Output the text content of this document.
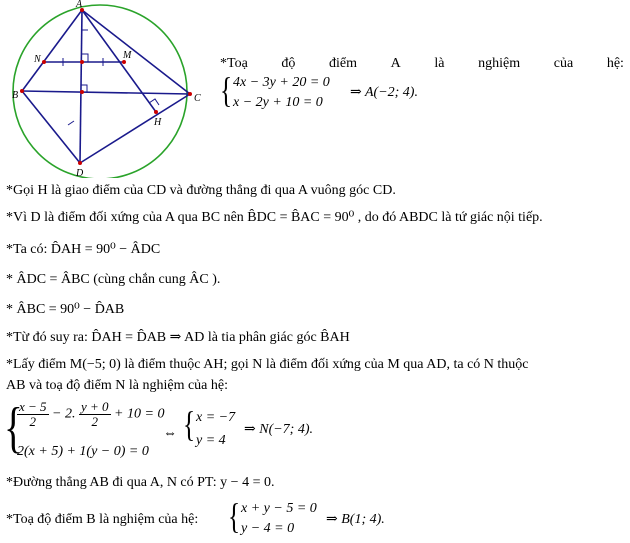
A
B	C
D
H
M
N	*Toạ độ điểm A là nghiệm của hệ:
{ 4x − 3y + 20 = 0
x − 2y + 10 = 0
⇒ A(−2; 4).
*Gọi H là giao điểm của CD và đường thẳng đi qua A vuông góc CD.
*Vì D là điểm đối xứng của A qua BC nên B̂DC = B̂AC = 90⁰ , do đó ABDC là tứ giác nội tiếp.
*Ta có: D̂AH = 90⁰ − ÂDC
* ÂDC = ÂBC (cùng chắn cung ÂC ).
* ÂBC = 90⁰ − D̂AB
*Từ đó suy ra: D̂AH = D̂AB ⇒ AD là tia phân giác góc B̂AH
*Lấy điểm M(−5; 0) là điểm thuộc AH; gọi N là điểm đối xứng của M qua AD, ta có N thuộc
AB và toạ độ điểm N là nghiệm của hệ:
{
$\frac{x - 5}{2} - 2$. $\frac{y + 0}{2} + 10 = 0$
2(x + 5) + 1(y − 0) = 0
⇔ { x = −7
y = 4
⇒ N(−7; 4).
*Đường thẳng AB đi qua A, N có PT: y − 4 = 0.
*Toạ độ điểm B là nghiệm của hệ: { x + y − 5 = 0
y − 4 = 0
⇒ B(1; 4).
